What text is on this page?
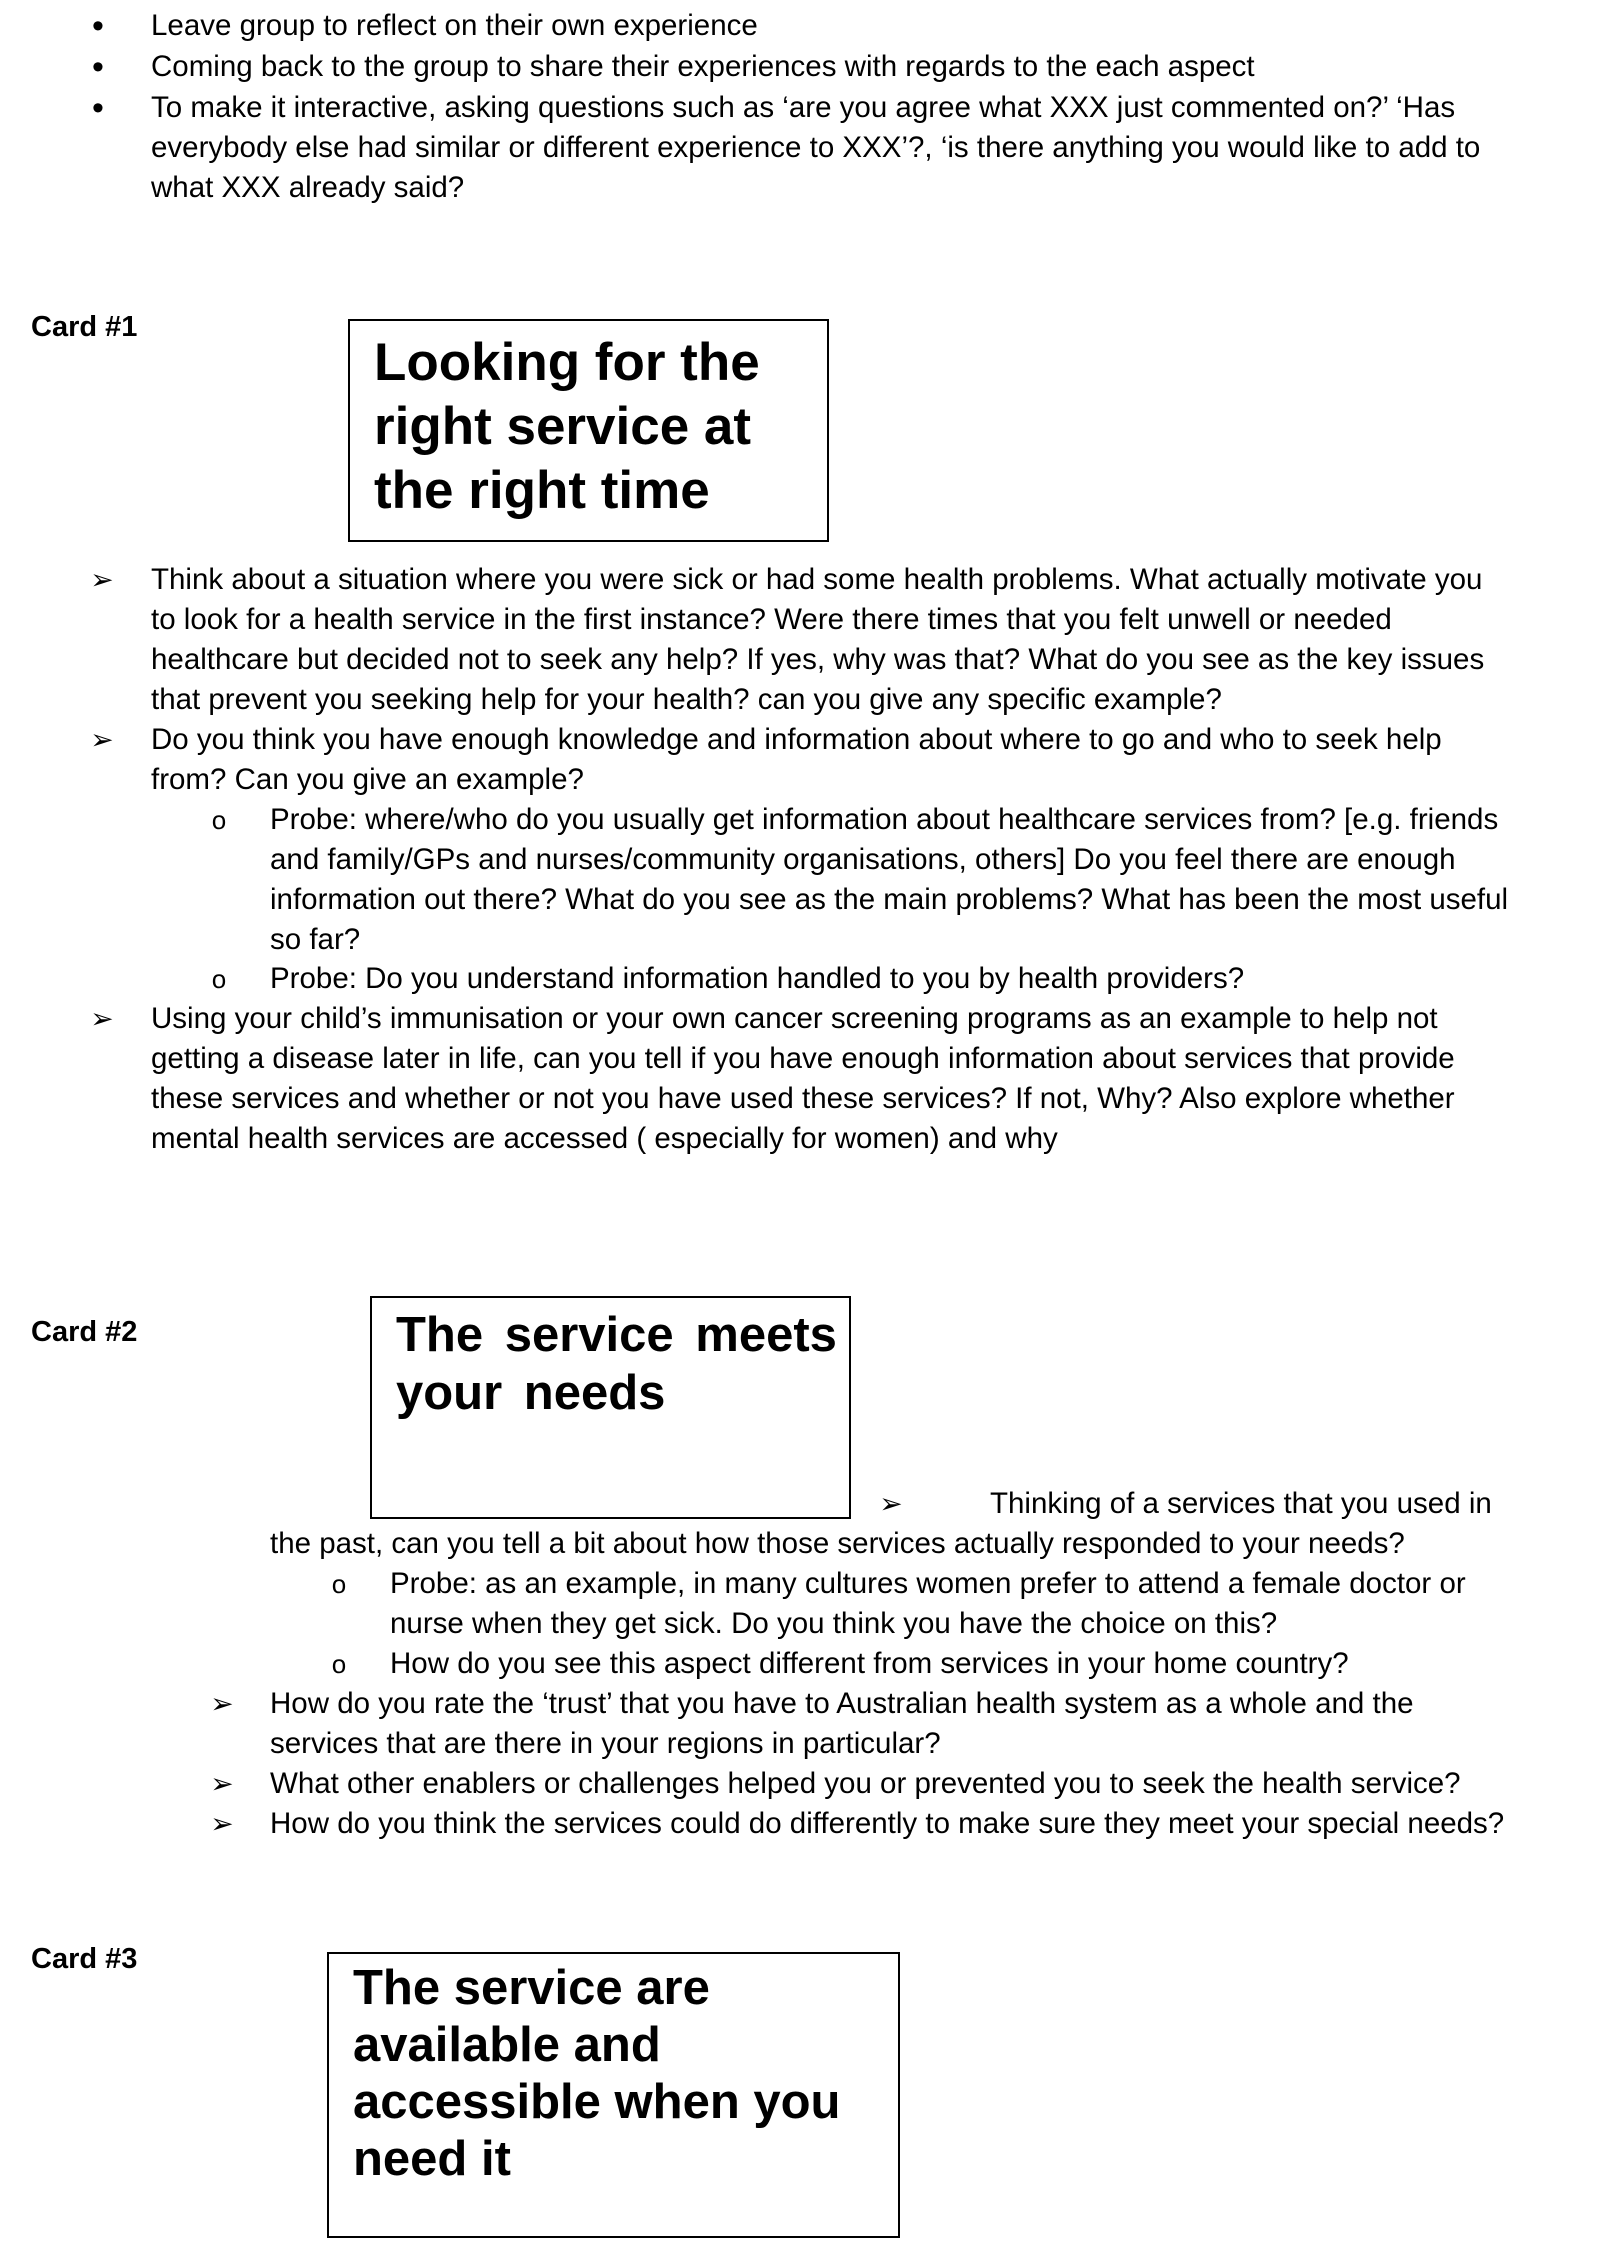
•	Leave group to reflect on their own experience
•	Coming back to the group to share their experiences with regards to the each aspect
•	To make it interactive, asking questions such as ‘are you agree what XXX just commented on?’ ‘Has
everybody else had similar or different experience to XXX’?, ‘is there anything you would like to add to
what XXX already said?
Card #1
Looking for the
right service at
the right time
➢ Think about a situation where you were sick or had some health problems. What actually motivate you
to look for a health service in the first instance? Were there times that you felt unwell or needed
healthcare but decided not to seek any help? If yes, why was that? What do you see as the key issues
that prevent you seeking help for your health? can you give any specific example?
➢ Do you think you have enough knowledge and information about where to go and who to seek help
from? Can you give an example?
o	Probe: where/who do you usually get information about healthcare services from? [e.g. friends
and family/GPs and nurses/community organisations, others] Do you feel there are enough
information out there? What do you see as the main problems? What has been the most useful
so far?
o	Probe: Do you understand information handled to you by health providers?
➢ Using your child’s immunisation or your own cancer screening programs as an example to help not
getting a disease later in life, can you tell if you have enough information about services that provide
these services and whether or not you have used these services? If not, Why? Also explore whether
mental health services are accessed ( especially for women) and why
Card #2	The service meets
your needs
➢	Thinking of a services that you used in
the past, can you tell a bit about how those services actually responded to your needs?
o	Probe: as an example, in many cultures women prefer to attend a female doctor or
nurse when they get sick. Do you think you have the choice on this?
o	How do you see this aspect different from services in your home country?
➢ How do you rate the ‘trust’ that you have to Australian health system as a whole and the
services that are there in your regions in particular?
➢ What other enablers or challenges helped you or prevented you to seek the health service?
➢ How do you think the services could do differently to make sure they meet your special needs?
Card #3
The service are
available and
accessible when you
need it
